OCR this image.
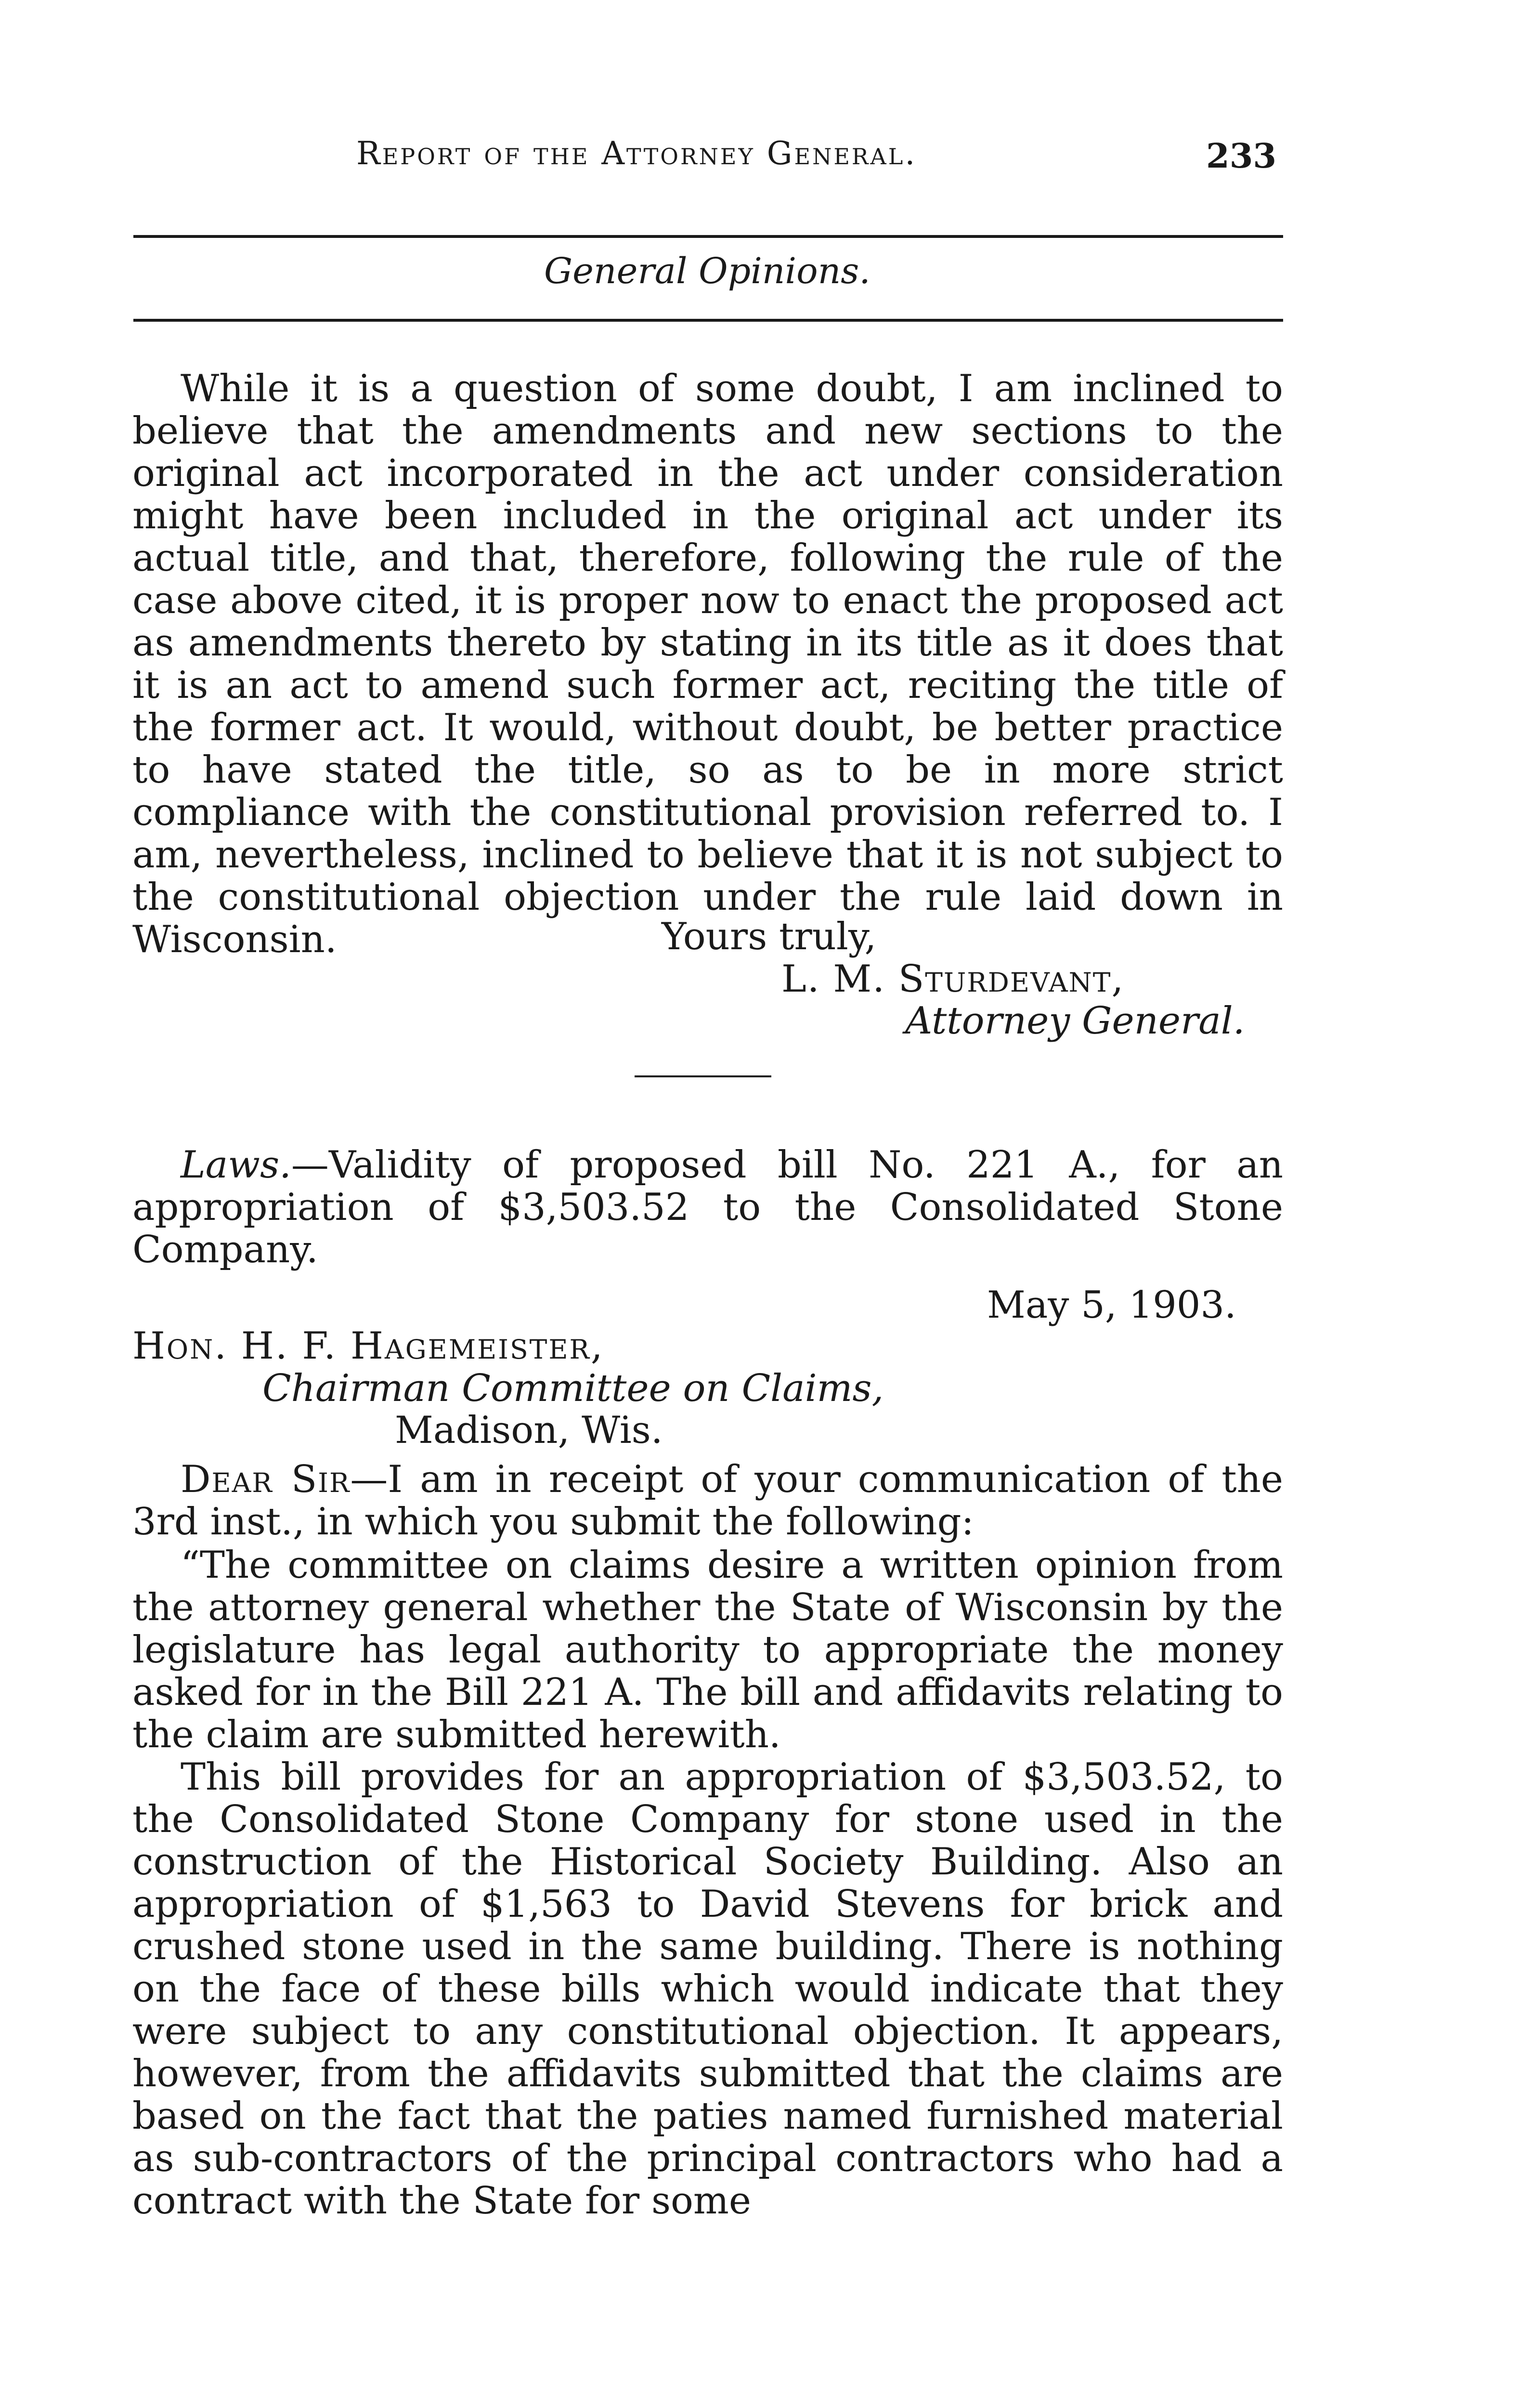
Report of the Attorney General.	233
General Opinions.

While it is a question of some doubt, I am inclined to believe that the amendments and new sections to the original act incorporated in the act under consideration might have been included in the original act under its actual title, and that, therefore, following the rule of the case above cited, it is proper now to enact the proposed act as amendments thereto by stating in its title as it does that it is an act to amend such former act, reciting the title of the former act. It would, without doubt, be better practice to have stated the title, so as to be in more strict compliance with the constitutional provision referred to. I am, nevertheless, inclined to believe that it is not subject to the constitutional objection under the rule laid down in Wisconsin.	Yours truly,
L. M. Sturdevant,
Attorney General.

Laws.—Validity of proposed bill No. 221 A., for an appropriation of $3,503.52 to the Consolidated Stone Company.

May 5, 1903.
Hon. H. F. Hagemeister,
Chairman Committee on Claims,
Madison, Wis.

Dear Sir—I am in receipt of your communication of the 3rd inst., in which you submit the following:

“The committee on claims desire a written opinion from the attorney general whether the State of Wisconsin by the legislature has legal authority to appropriate the money asked for in the Bill 221 A. The bill and affidavits relating to the claim are submitted herewith.

This bill provides for an appropriation of $3,503.52, to the Consolidated Stone Company for stone used in the construction of the Historical Society Building. Also an appropriation of $1,563 to David Stevens for brick and crushed stone used in the same building. There is nothing on the face of these bills which would indicate that they were subject to any constitutional objection. It appears, however, from the affidavits submitted that the claims are based on the fact that the paties named furnished material as sub-contractors of the principal contractors who had a contract with the State for some
